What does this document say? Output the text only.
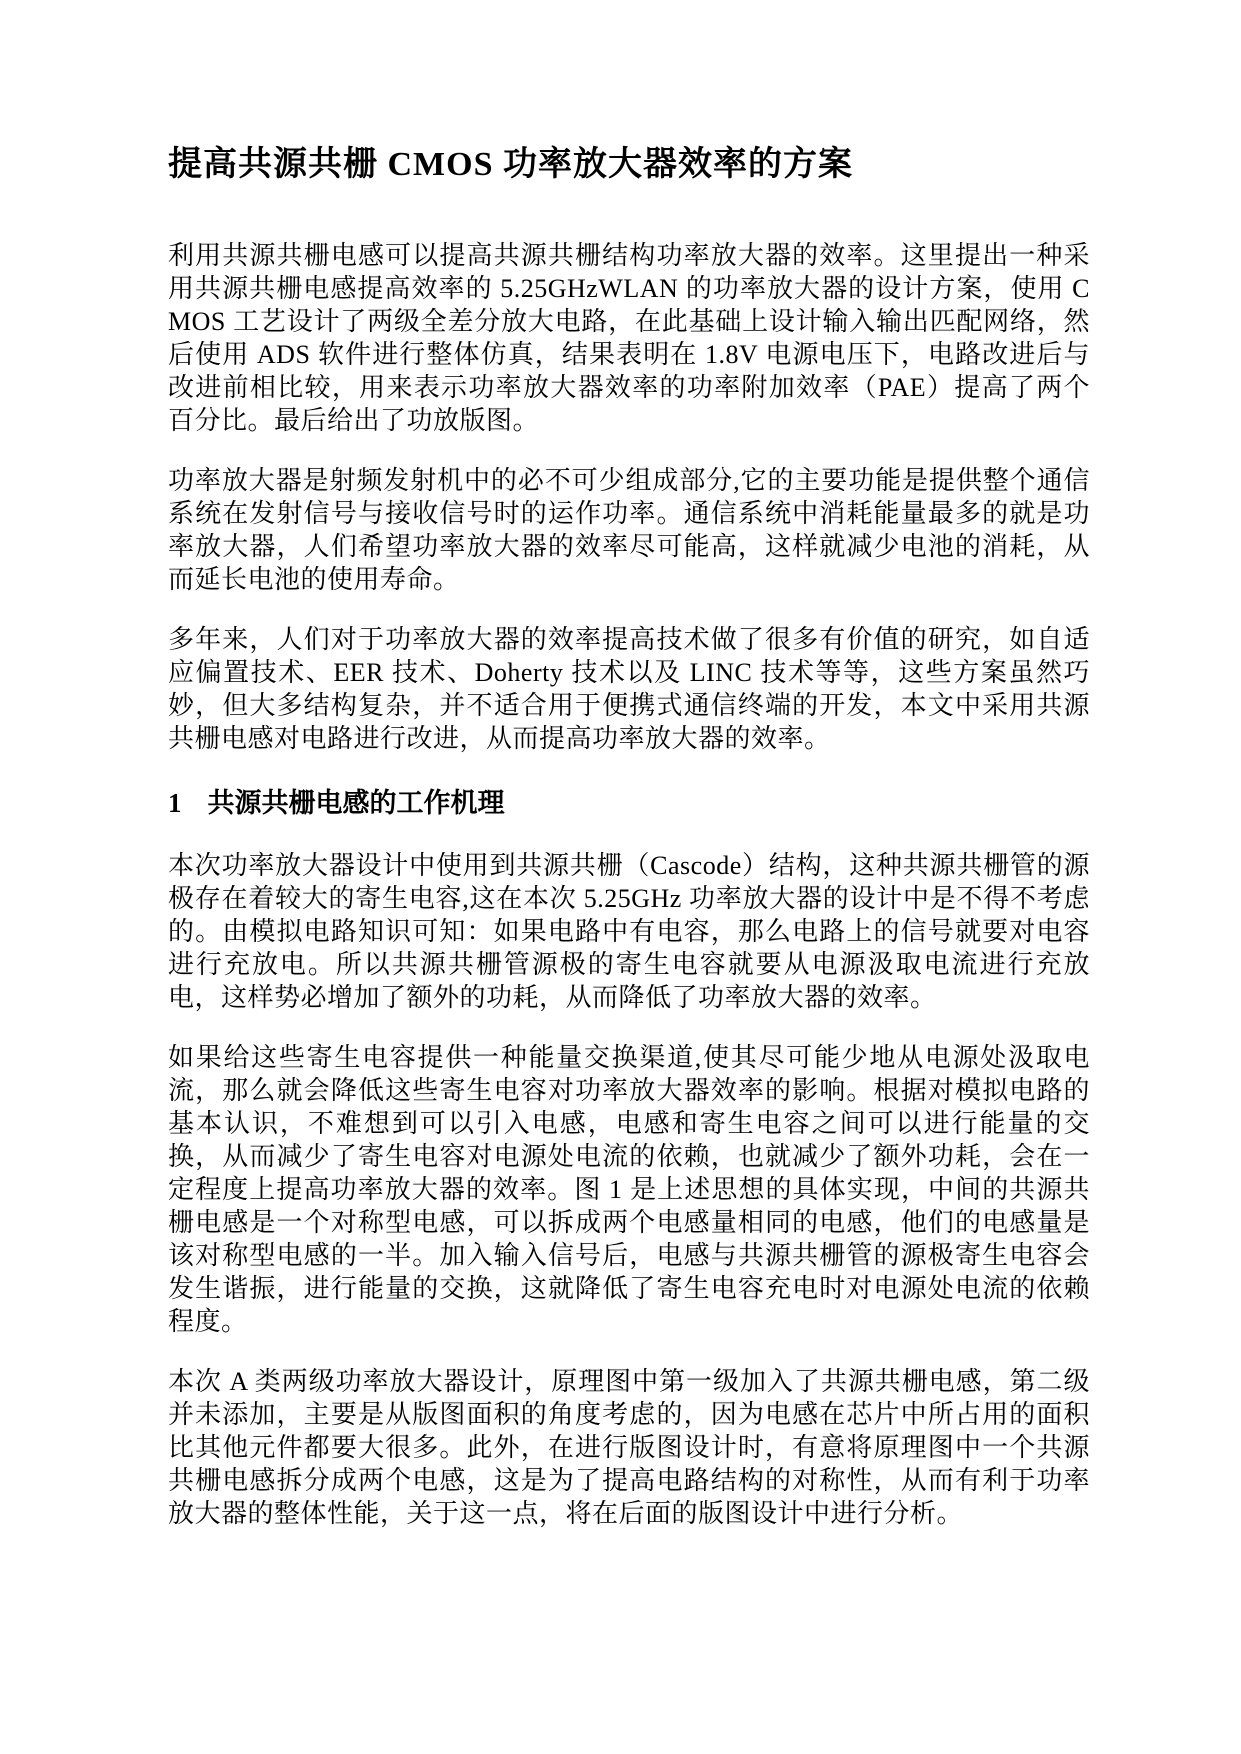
提高共源共栅 CMOS 功率放大器效率的方案

利用共源共栅电感可以提高共源共栅结构功率放大器的效率。这里提出一种采用共源共栅电感提高效率的 5.25GHzWLAN 的功率放大器的设计方案，使用 CMOS 工艺设计了两级全差分放大电路，在此基础上设计输入输出匹配网络，然后使用 ADS 软件进行整体仿真，结果表明在 1.8V 电源电压下，电路改进后与改进前相比较，用来表示功率放大器效率的功率附加效率（PAE）提高了两个百分比。最后给出了功放版图。

功率放大器是射频发射机中的必不可少组成部分,它的主要功能是提供整个通信系统在发射信号与接收信号时的运作功率。通信系统中消耗能量最多的就是功率放大器，人们希望功率放大器的效率尽可能高，这样就减少电池的消耗，从而延长电池的使用寿命。

多年来，人们对于功率放大器的效率提高技术做了很多有价值的研究，如自适应偏置技术、EER 技术、Doherty 技术以及 LINC 技术等等，这些方案虽然巧妙，但大多结构复杂，并不适合用于便携式通信终端的开发，本文中采用共源共栅电感对电路进行改进，从而提高功率放大器的效率。

1 共源共栅电感的工作机理

本次功率放大器设计中使用到共源共栅（Cascode）结构，这种共源共栅管的源极存在着较大的寄生电容,这在本次 5.25GHz 功率放大器的设计中是不得不考虑的。由模拟电路知识可知：如果电路中有电容，那么电路上的信号就要对电容进行充放电。所以共源共栅管源极的寄生电容就要从电源汲取电流进行充放电，这样势必增加了额外的功耗，从而降低了功率放大器的效率。

如果给这些寄生电容提供一种能量交换渠道,使其尽可能少地从电源处汲取电流，那么就会降低这些寄生电容对功率放大器效率的影响。根据对模拟电路的基本认识，不难想到可以引入电感，电感和寄生电容之间可以进行能量的交换，从而减少了寄生电容对电源处电流的依赖，也就减少了额外功耗，会在一定程度上提高功率放大器的效率。图 1 是上述思想的具体实现，中间的共源共栅电感是一个对称型电感，可以拆成两个电感量相同的电感，他们的电感量是该对称型电感的一半。加入输入信号后，电感与共源共栅管的源极寄生电容会发生谐振，进行能量的交换，这就降低了寄生电容充电时对电源处电流的依赖程度。

本次 A 类两级功率放大器设计，原理图中第一级加入了共源共栅电感，第二级并未添加，主要是从版图面积的角度考虑的，因为电感在芯片中所占用的面积比其他元件都要大很多。此外，在进行版图设计时，有意将原理图中一个共源共栅电感拆分成两个电感，这是为了提高电路结构的对称性，从而有利于功率放大器的整体性能，关于这一点，将在后面的版图设计中进行分析。
